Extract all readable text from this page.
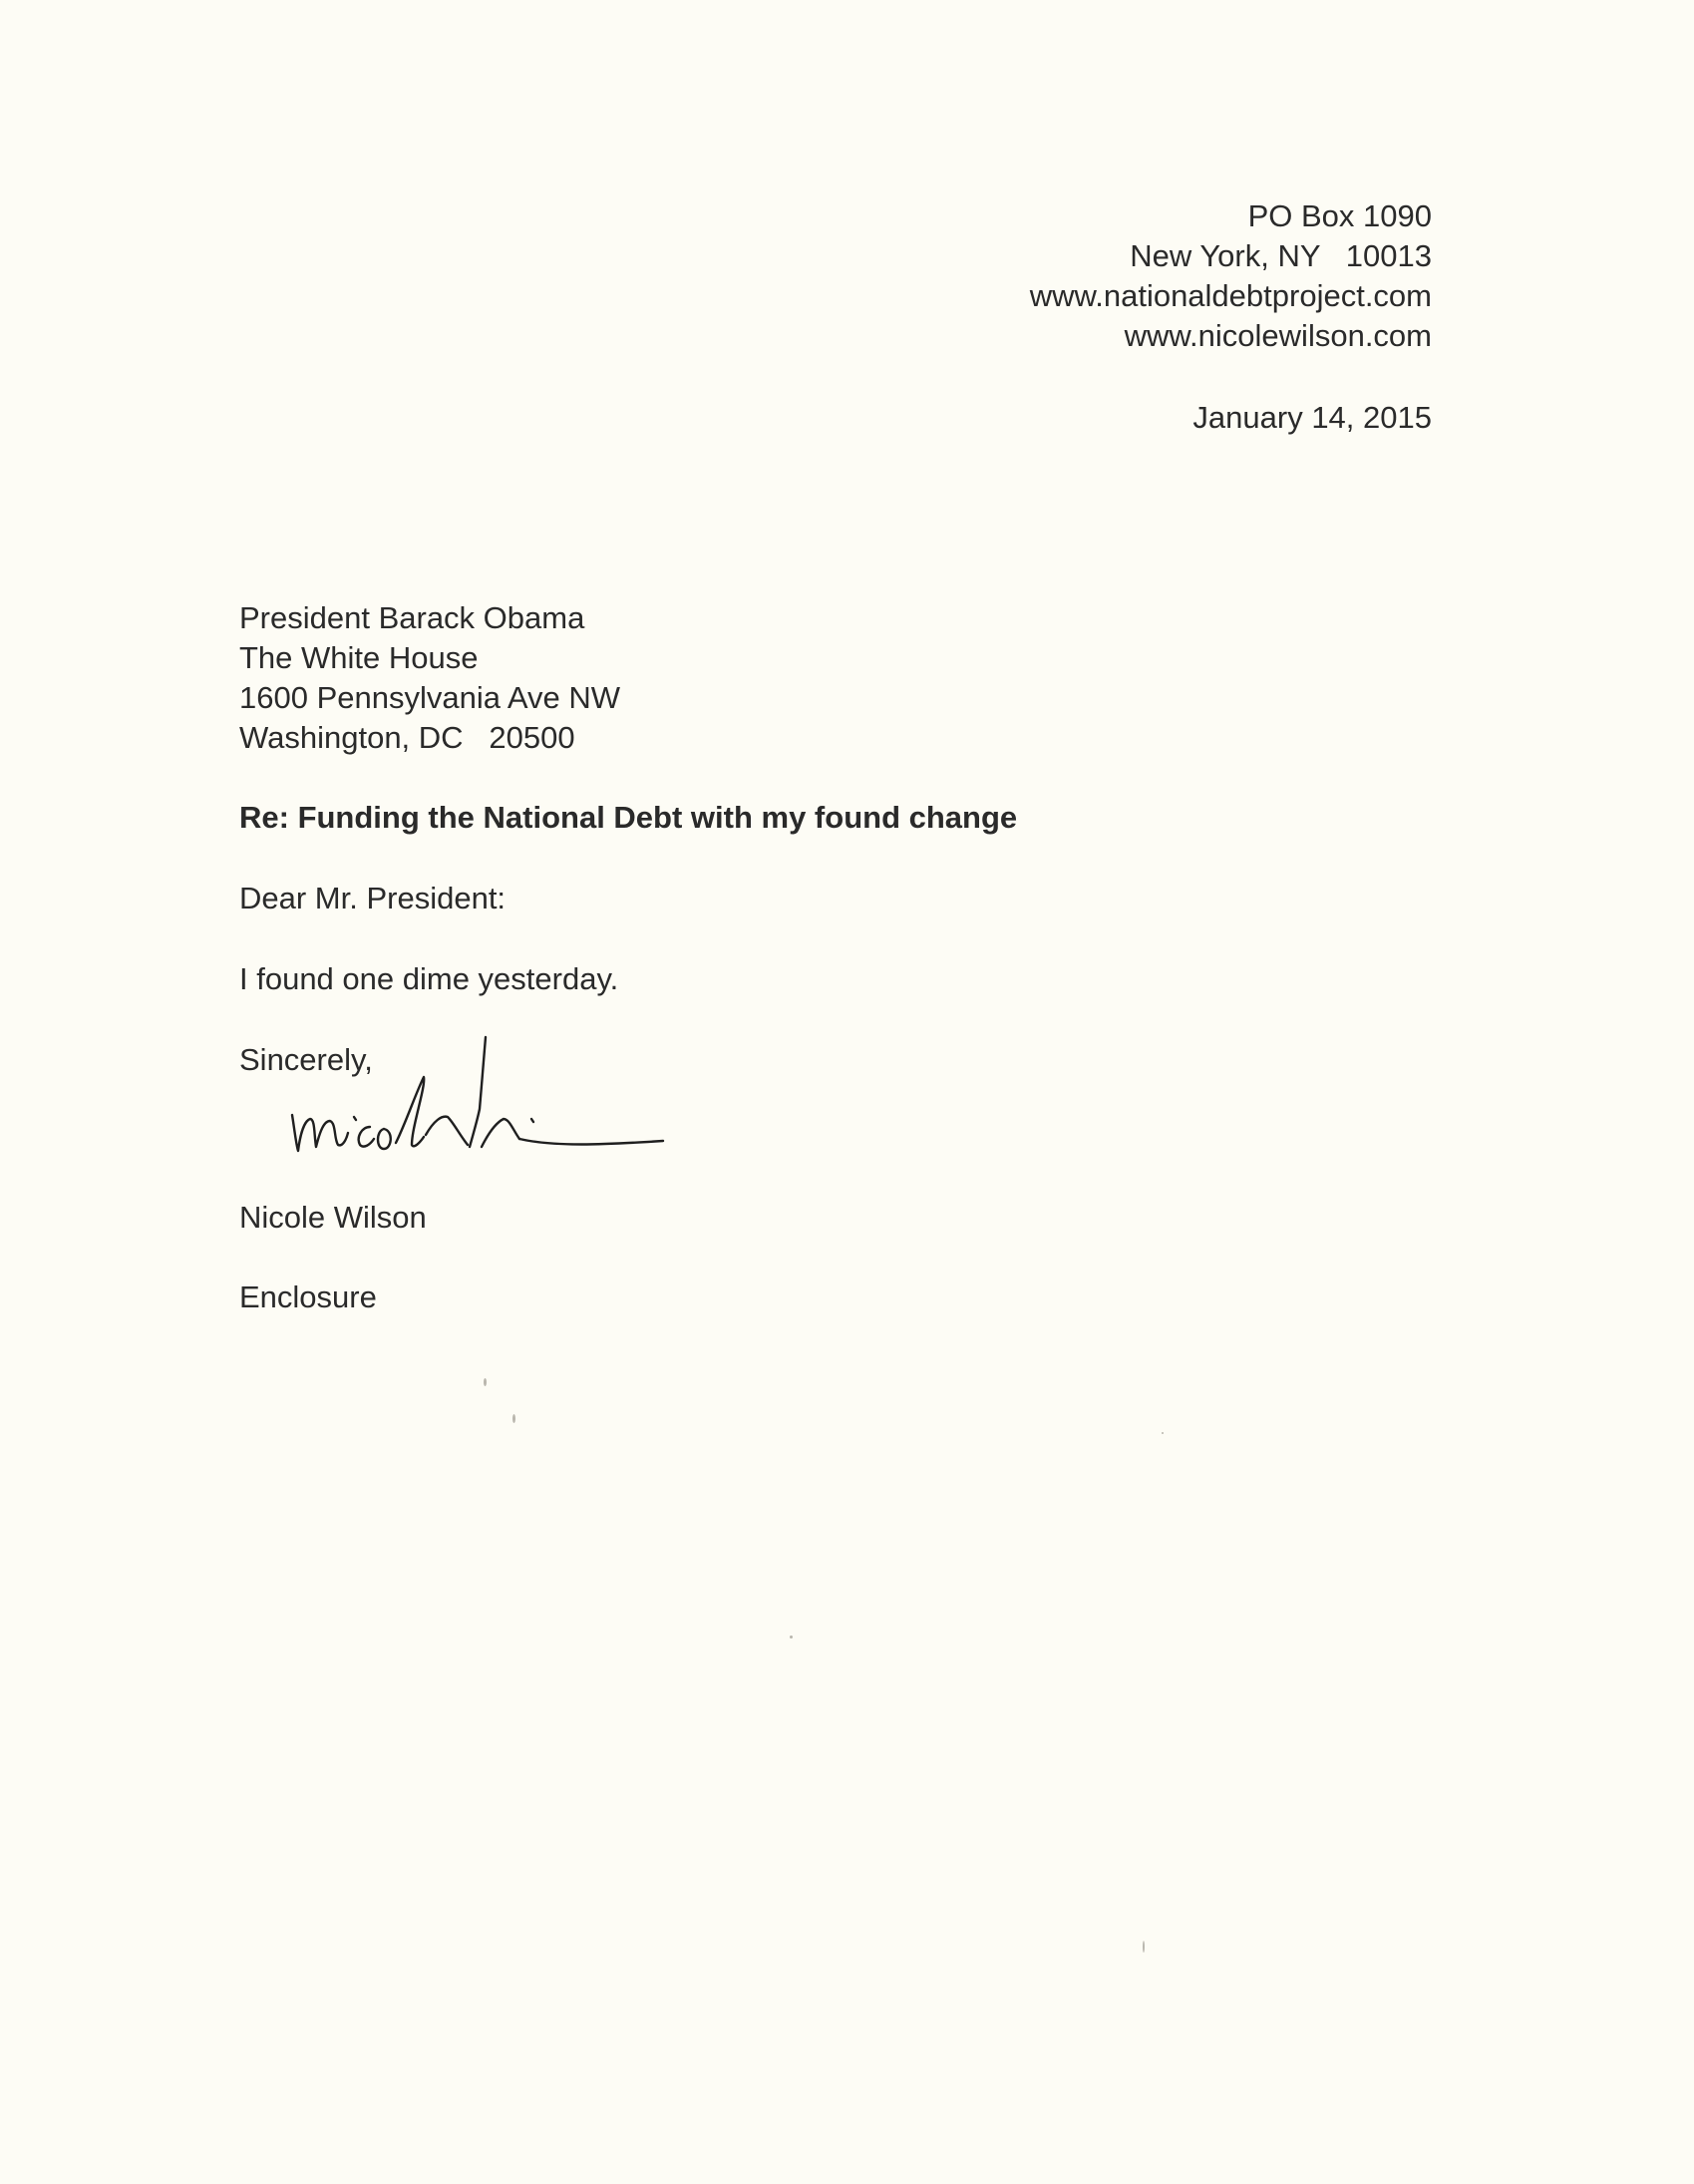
PO Box 1090
New York, NY   10013
www.nationaldebtproject.com
www.nicolewilson.com
January 14, 2015
President Barack Obama
The White House
1600 Pennsylvania Ave NW
Washington, DC   20500
Re: Funding the National Debt with my found change
Dear Mr. President:
I found one dime yesterday.
Sincerely,
Nicole Wilson
Enclosure
